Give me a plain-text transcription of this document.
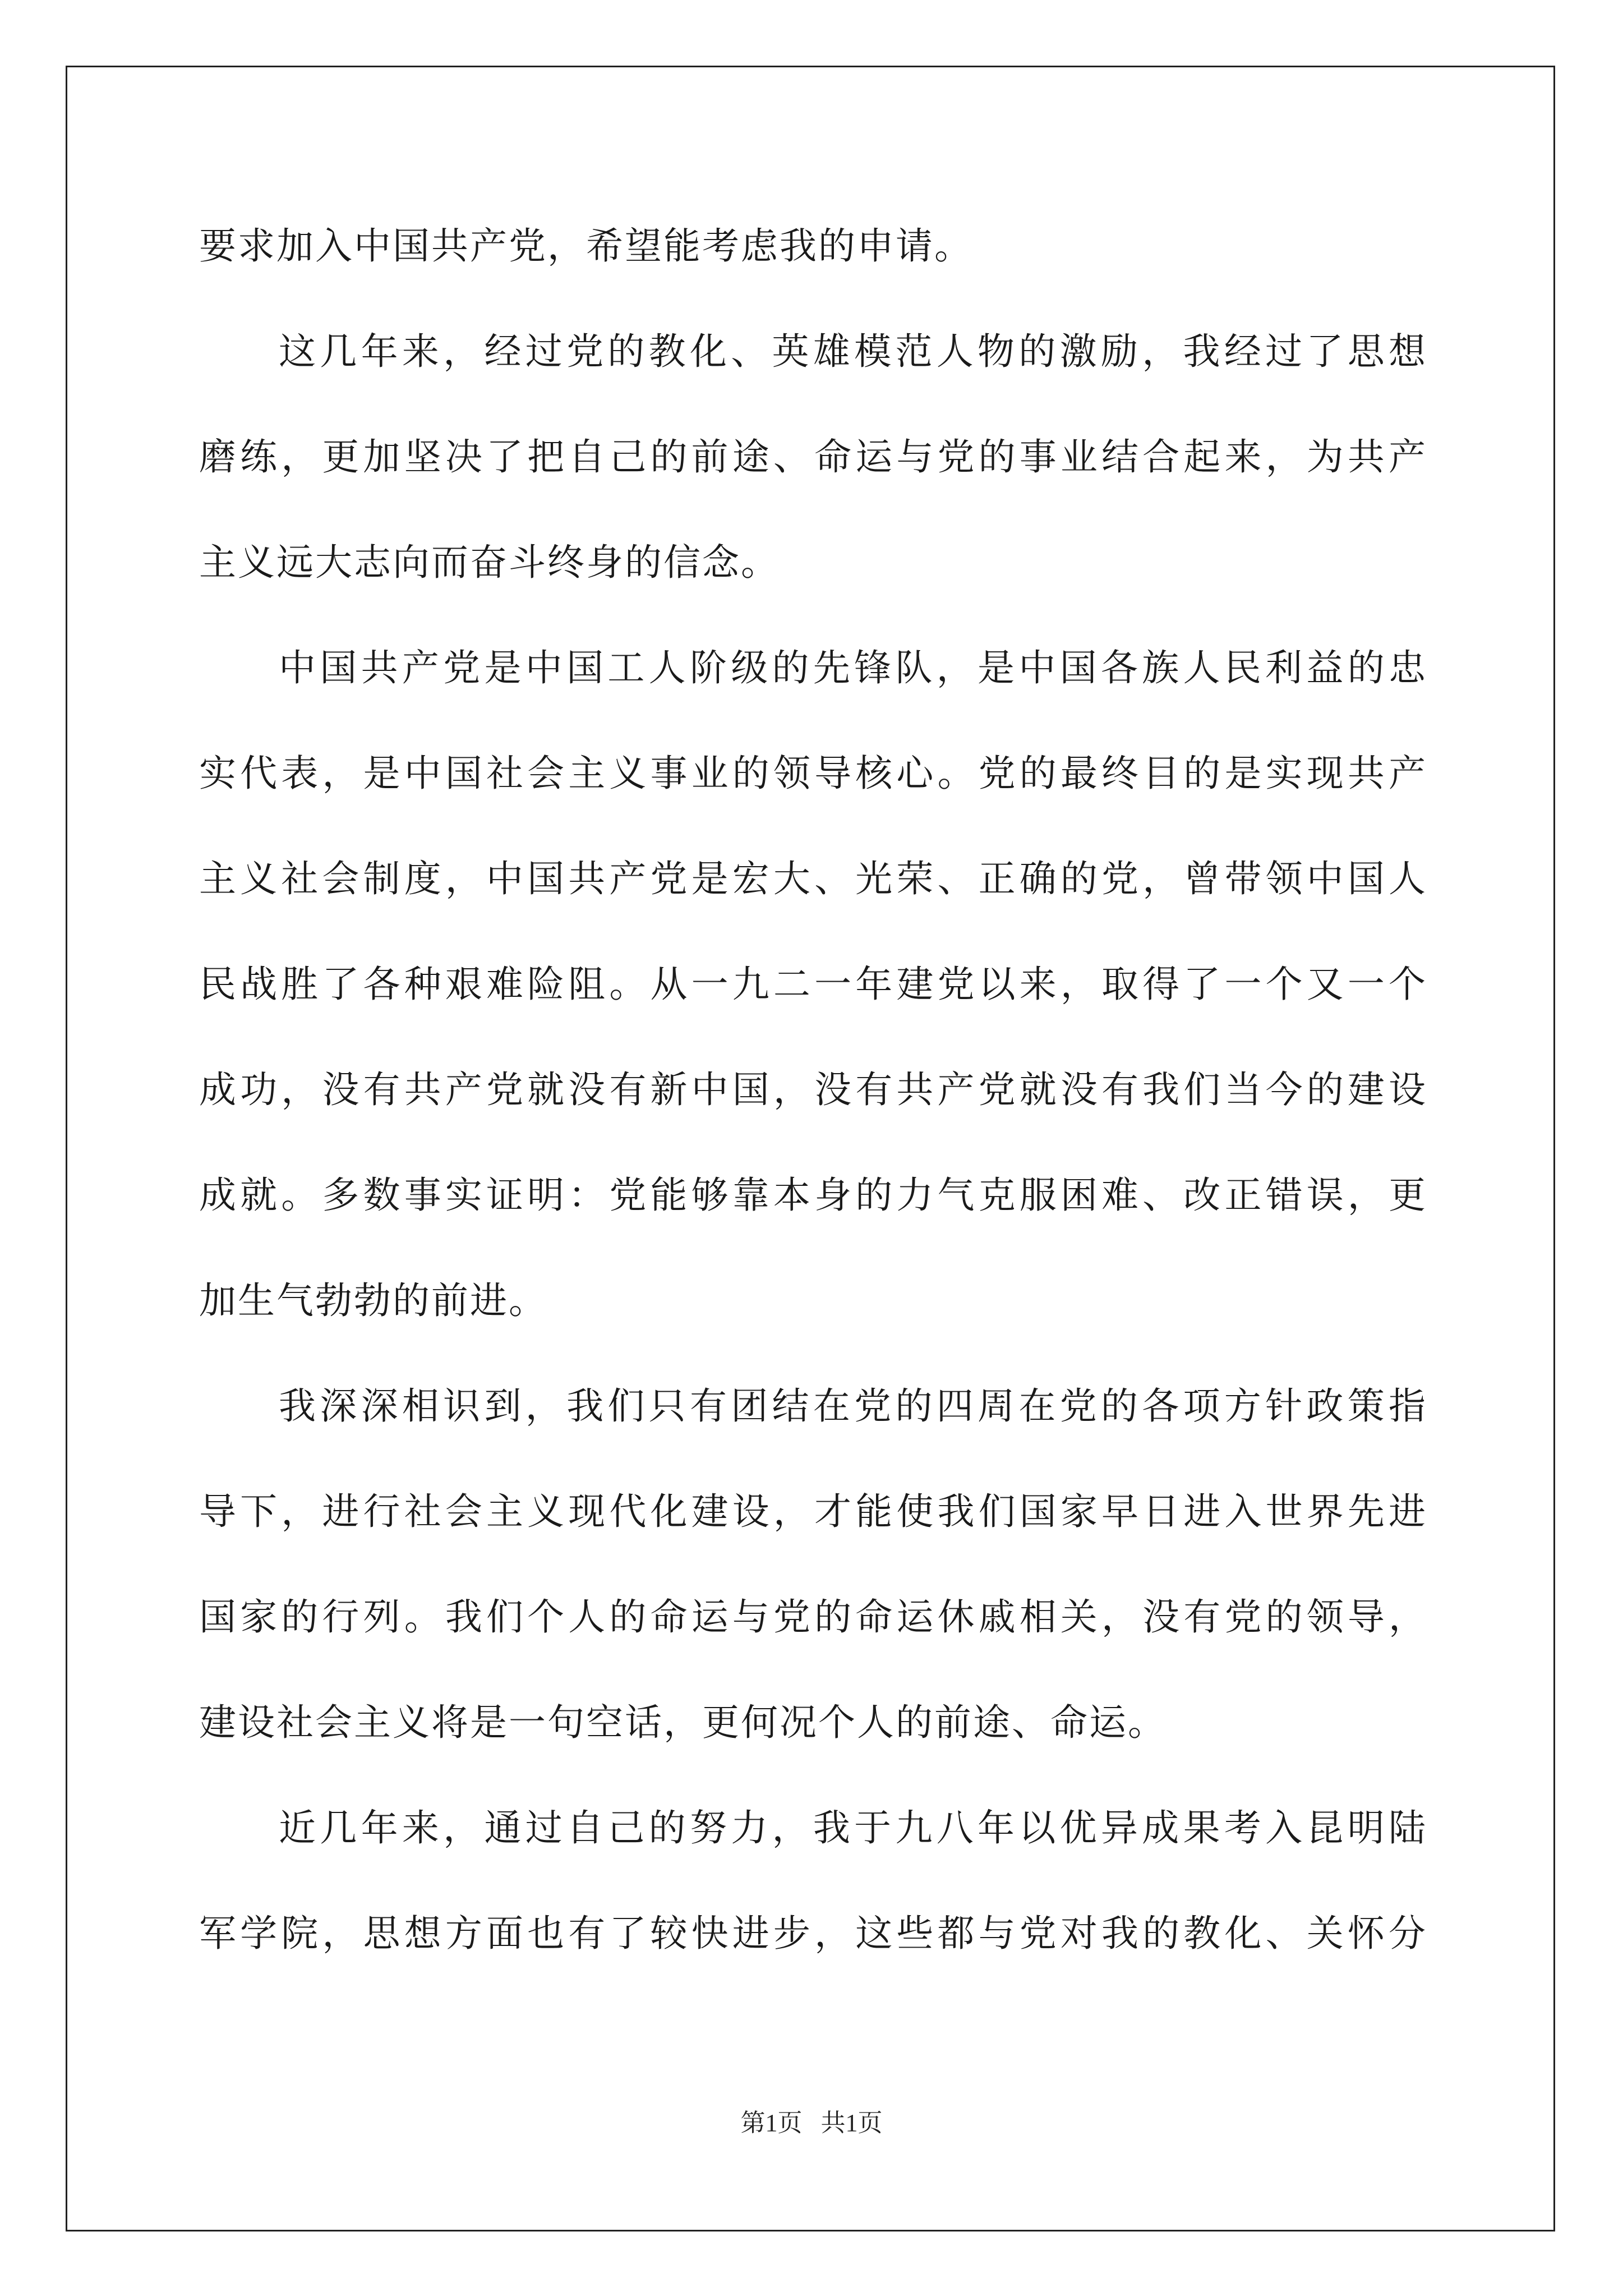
要求加入中国共产党，希望能考虑我的申请。
这几年来，经过党的教化、英雄模范人物的激励，我经过了思想
磨练，更加坚决了把自己的前途、命运与党的事业结合起来，为共产
主义远大志向而奋斗终身的信念。
中国共产党是中国工人阶级的先锋队，是中国各族人民利益的忠
实代表，是中国社会主义事业的领导核心。党的最终目的是实现共产
主义社会制度，中国共产党是宏大、光荣、正确的党，曾带领中国人
民战胜了各种艰难险阻。从一九二一年建党以来，取得了一个又一个
成功，没有共产党就没有新中国，没有共产党就没有我们当今的建设
成就。多数事实证明：党能够靠本身的力气克服困难、改正错误，更
加生气勃勃的前进。
我深深相识到，我们只有团结在党的四周在党的各项方针政策指
导下，进行社会主义现代化建设，才能使我们国家早日进入世界先进
国家的行列。我们个人的命运与党的命运休戚相关，没有党的领导，
建设社会主义将是一句空话，更何况个人的前途、命运。
近几年来，通过自己的努力，我于九八年以优异成果考入昆明陆
军学院，思想方面也有了较快进步，这些都与党对我的教化、关怀分
第1页   共1页
